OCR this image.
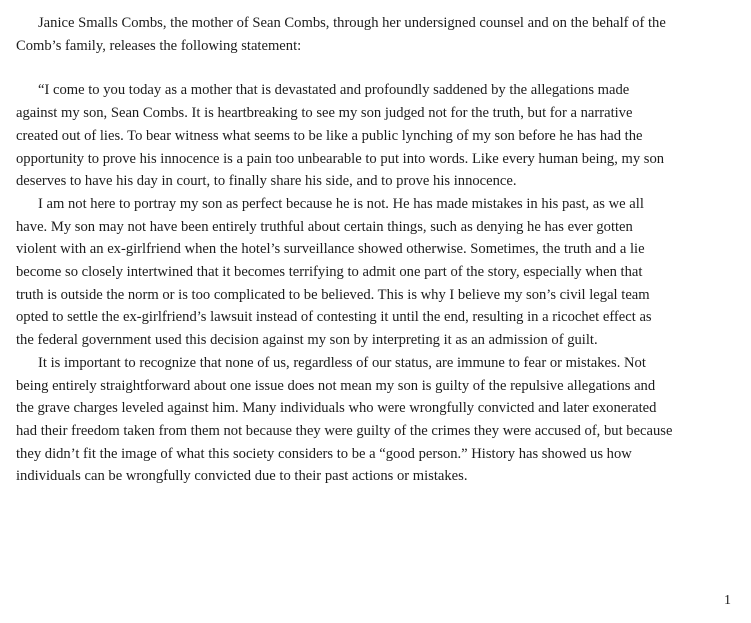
Janice Smalls Combs, the mother of Sean Combs, through her undersigned counsel and on the behalf of the
Comb’s family, releases the following statement:
“I come to you today as a mother that is devastated and profoundly saddened by the allegations made
against my son, Sean Combs. It is heartbreaking to see my son judged not for the truth, but for a narrative
created out of lies. To bear witness what seems to be like a public lynching of my son before he has had the
opportunity to prove his innocence is a pain too unbearable to put into words. Like every human being, my son
deserves to have his day in court, to finally share his side, and to prove his innocence.
I am not here to portray my son as perfect because he is not. He has made mistakes in his past, as we all
have. My son may not have been entirely truthful about certain things, such as denying he has ever gotten
violent with an ex-girlfriend when the hotel’s surveillance showed otherwise. Sometimes, the truth and a lie
become so closely intertwined that it becomes terrifying to admit one part of the story, especially when that
truth is outside the norm or is too complicated to be believed. This is why I believe my son’s civil legal team
opted to settle the ex-girlfriend’s lawsuit instead of contesting it until the end, resulting in a ricochet effect as
the federal government used this decision against my son by interpreting it as an admission of guilt.
It is important to recognize that none of us, regardless of our status, are immune to fear or mistakes. Not
being entirely straightforward about one issue does not mean my son is guilty of the repulsive allegations and
the grave charges leveled against him. Many individuals who were wrongfully convicted and later exonerated
had their freedom taken from them not because they were guilty of the crimes they were accused of, but because
they didn’t fit the image of what this society considers to be a “good person.” History has showed us how
individuals can be wrongfully convicted due to their past actions or mistakes.
1
